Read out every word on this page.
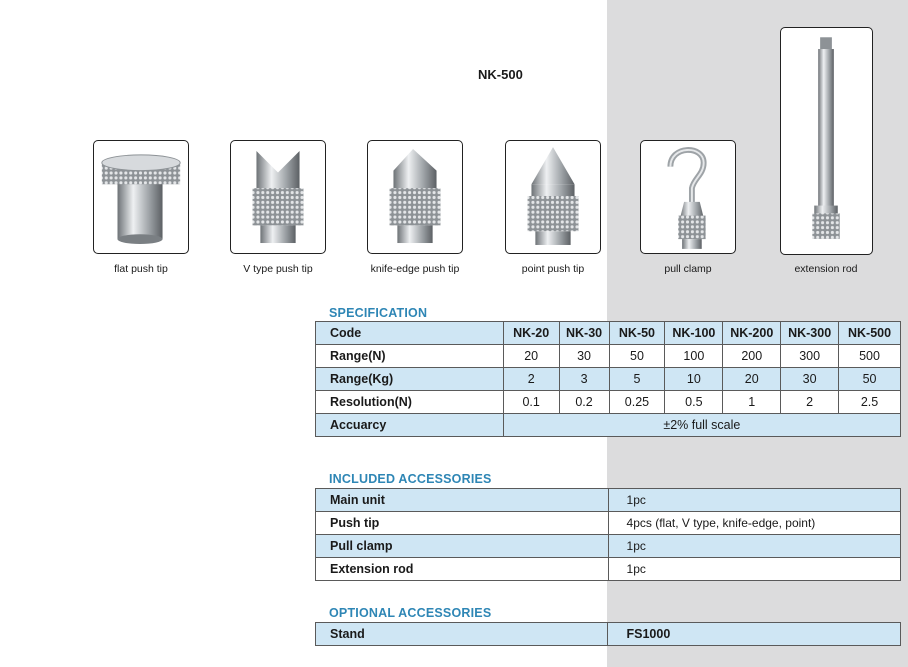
NK-500
flat push tip	V type push tip	knife-edge push tip	point push tip	pull clamp	extension rod
SPECIFICATION
Code	NK-20	NK-30	NK-50	NK-100	NK-200	NK-300	NK-500
Range(N)	20	30	50	100	200	300	500
Range(Kg)	2	3	5	10	20	30	50
Resolution(N)	0.1	0.2	0.25	0.5	1	2	2.5
Accuarcy	±2% full scale						
INCLUDED ACCESSORIES
Main unit	1pc
Push tip	4pcs (flat, V type, knife-edge, point)
Pull clamp	1pc
Extension rod	1pc
OPTIONAL ACCESSORIES
Stand	FS1000
